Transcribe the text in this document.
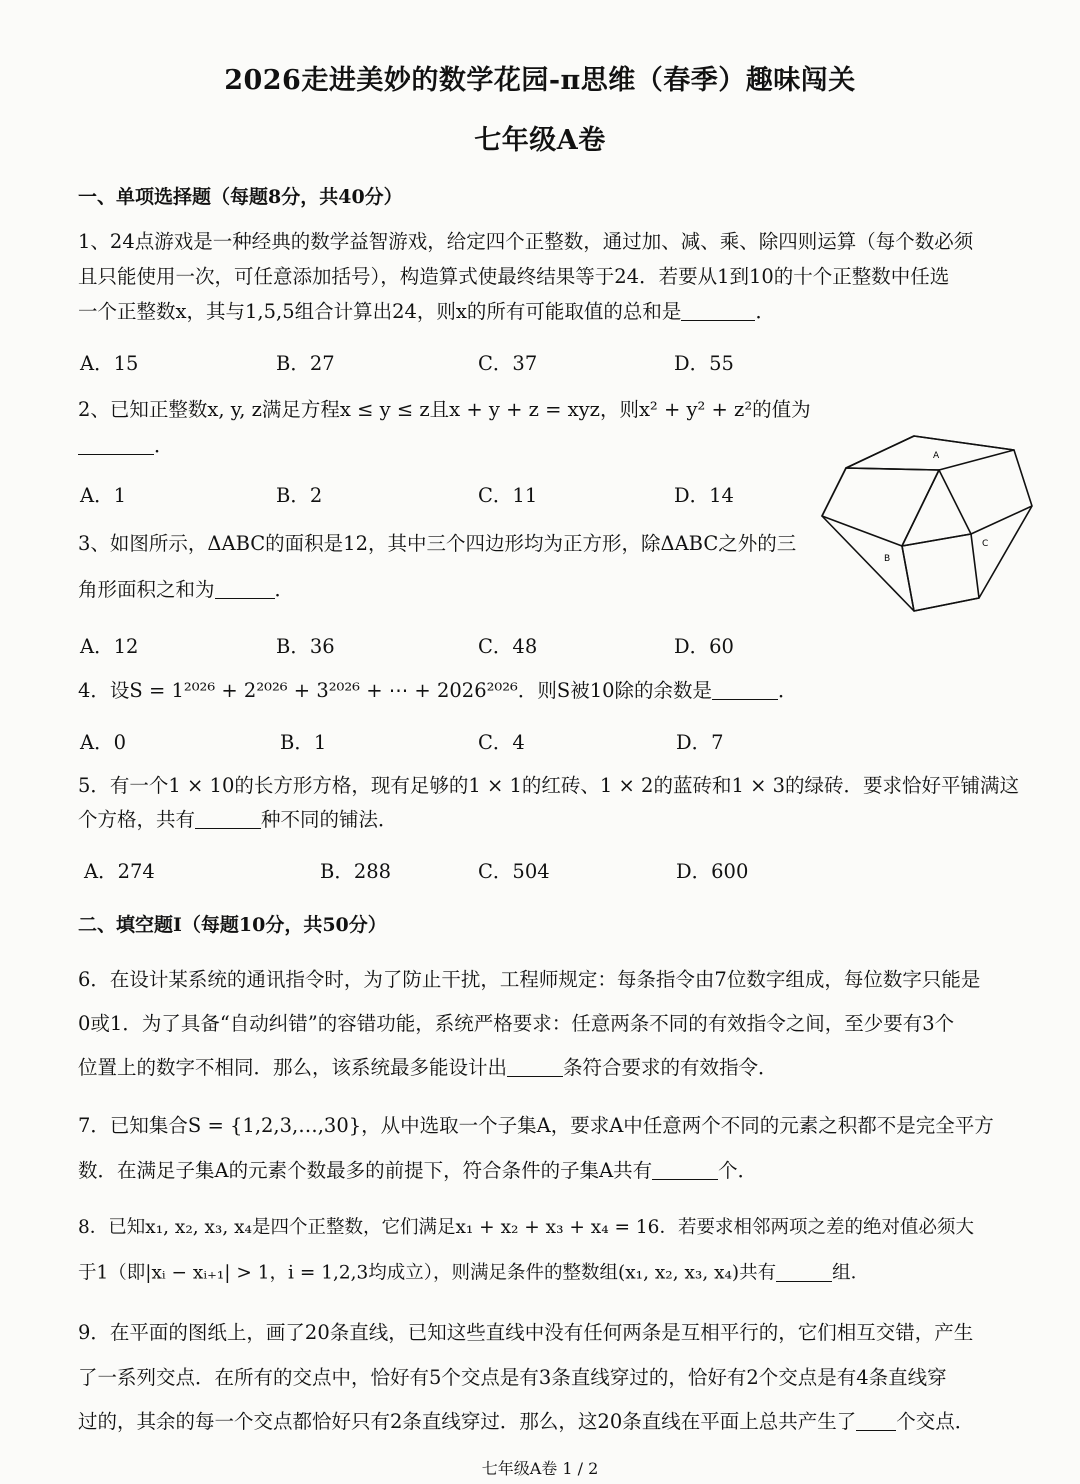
2026走进美妙的数学花园-π思维（春季）趣味闯关
七年级A卷
一、单项选择题（每题8分，共40分）
1、24点游戏是一种经典的数学益智游戏，给定四个正整数，通过加、减、乘、除四则运算（每个数必须
且只能使用一次，可任意添加括号），构造算式使最终结果等于24．若要从1到10的十个正整数中任选
一个正整数x，其与1,5,5组合计算出24，则x的所有可能取值的总和是	．
A．15	B．27	C．37	D．55
2、已知正整数x, y, z满足方程x ≤ y ≤ z且x + y + z = xyz，则x² + y² + z²的值为
．
A．1	B．2	C．11	D．14
3、如图所示，ΔABC的面积是12，其中三个四边形均为正方形，除ΔABC之外的三
角形面积之和为	．
A．12	B．36	C．48	D．60
A
B
C
4．设S = 1²⁰²⁶ + 2²⁰²⁶ + 3²⁰²⁶ + ⋯ + 2026²⁰²⁶．则S被10除的余数是	．
A．0	B．1	C．4	D．7
5．有一个1 × 10的长方形方格，现有足够的1 × 1的红砖、1 × 2的蓝砖和1 × 3的绿砖．要求恰好平铺满这
个方格，共有	种不同的铺法．
A．274	B．288	C．504	D．600
二、填空题Ⅰ（每题10分，共50分）
6．在设计某系统的通讯指令时，为了防止干扰，工程师规定：每条指令由7位数字组成，每位数字只能是
0或1．为了具备“自动纠错”的容错功能，系统严格要求：任意两条不同的有效指令之间，至少要有3个
位置上的数字不相同．那么，该系统最多能设计出	条符合要求的有效指令．
7．已知集合S = {1,2,3,…,30}，从中选取一个子集A，要求A中任意两个不同的元素之积都不是完全平方
数．在满足子集A的元素个数最多的前提下，符合条件的子集A共有	个．
8．已知x₁, x₂, x₃, x₄是四个正整数，它们满足x₁ + x₂ + x₃ + x₄ = 16．若要求相邻两项之差的绝对值必须大
于1（即|xᵢ − xᵢ₊₁| > 1，i = 1,2,3均成立），则满足条件的整数组(x₁, x₂, x₃, x₄)共有	组．
9．在平面的图纸上，画了20条直线，已知这些直线中没有任何两条是互相平行的，它们相互交错，产生
了一系列交点．在所有的交点中，恰好有5个交点是有3条直线穿过的，恰好有2个交点是有4条直线穿
过的，其余的每一个交点都恰好只有2条直线穿过．那么，这20条直线在平面上总共产生了 个交点．
七年级A卷 1 / 2
